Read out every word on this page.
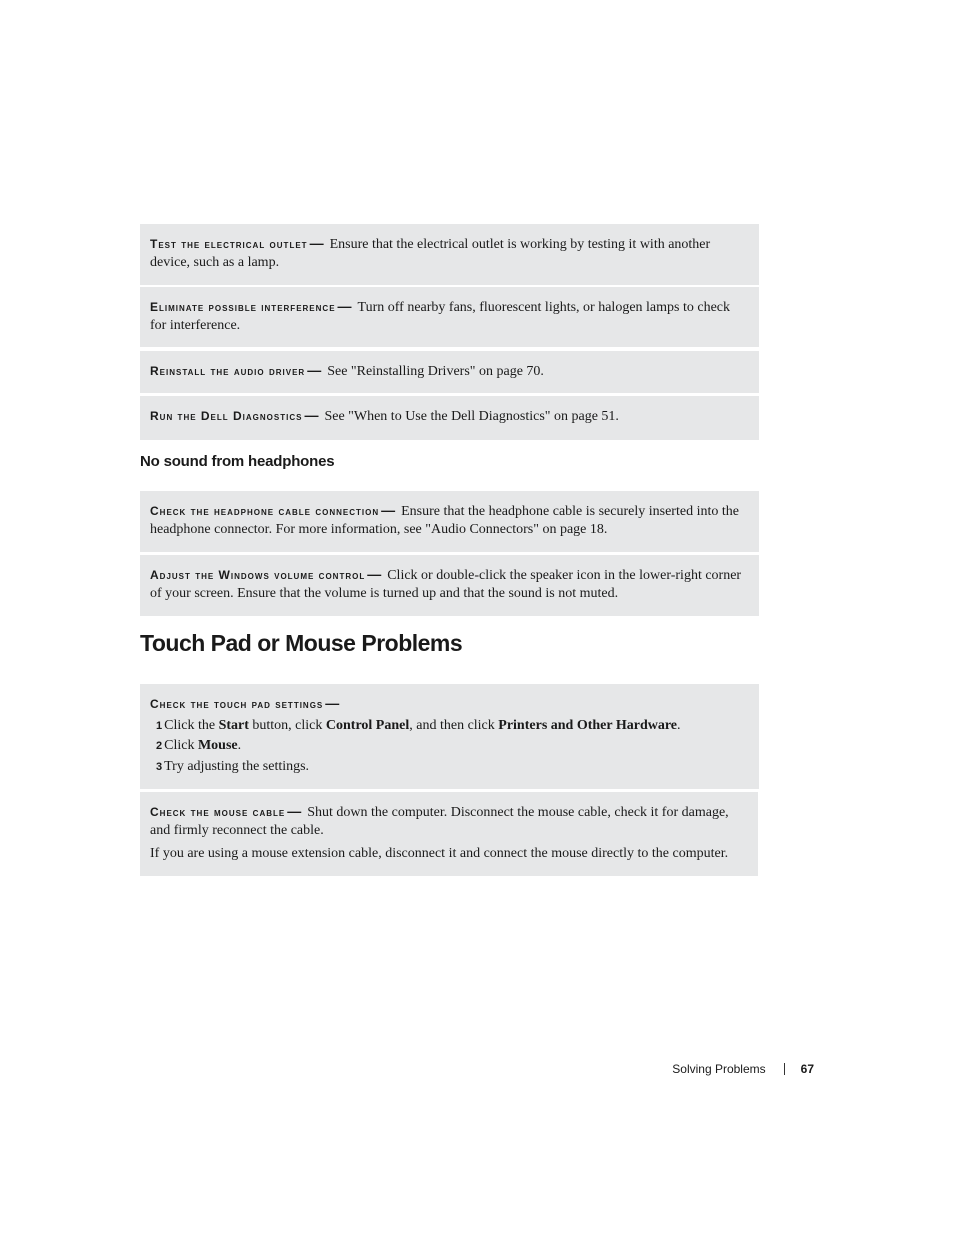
Test the electrical outlet — Ensure that the electrical outlet is working by testing it with another device, such as a lamp.
Eliminate possible interference — Turn off nearby fans, fluorescent lights, or halogen lamps to check for interference.
Reinstall the audio driver — See "Reinstalling Drivers" on page 70.
Run the Dell Diagnostics — See "When to Use the Dell Diagnostics" on page 51.
No sound from headphones
Check the headphone cable connection — Ensure that the headphone cable is securely inserted into the headphone connector. For more information, see "Audio Connectors" on page 18.
Adjust the Windows volume control — Click or double-click the speaker icon in the lower-right corner of your screen. Ensure that the volume is turned up and that the sound is not muted.
Touch Pad or Mouse Problems
Check the touch pad settings —
1 Click the Start button, click Control Panel, and then click Printers and Other Hardware.
2 Click Mouse.
3 Try adjusting the settings.
Check the mouse cable — Shut down the computer. Disconnect the mouse cable, check it for damage, and firmly reconnect the cable.
If you are using a mouse extension cable, disconnect it and connect the mouse directly to the computer.
Solving Problems	67
